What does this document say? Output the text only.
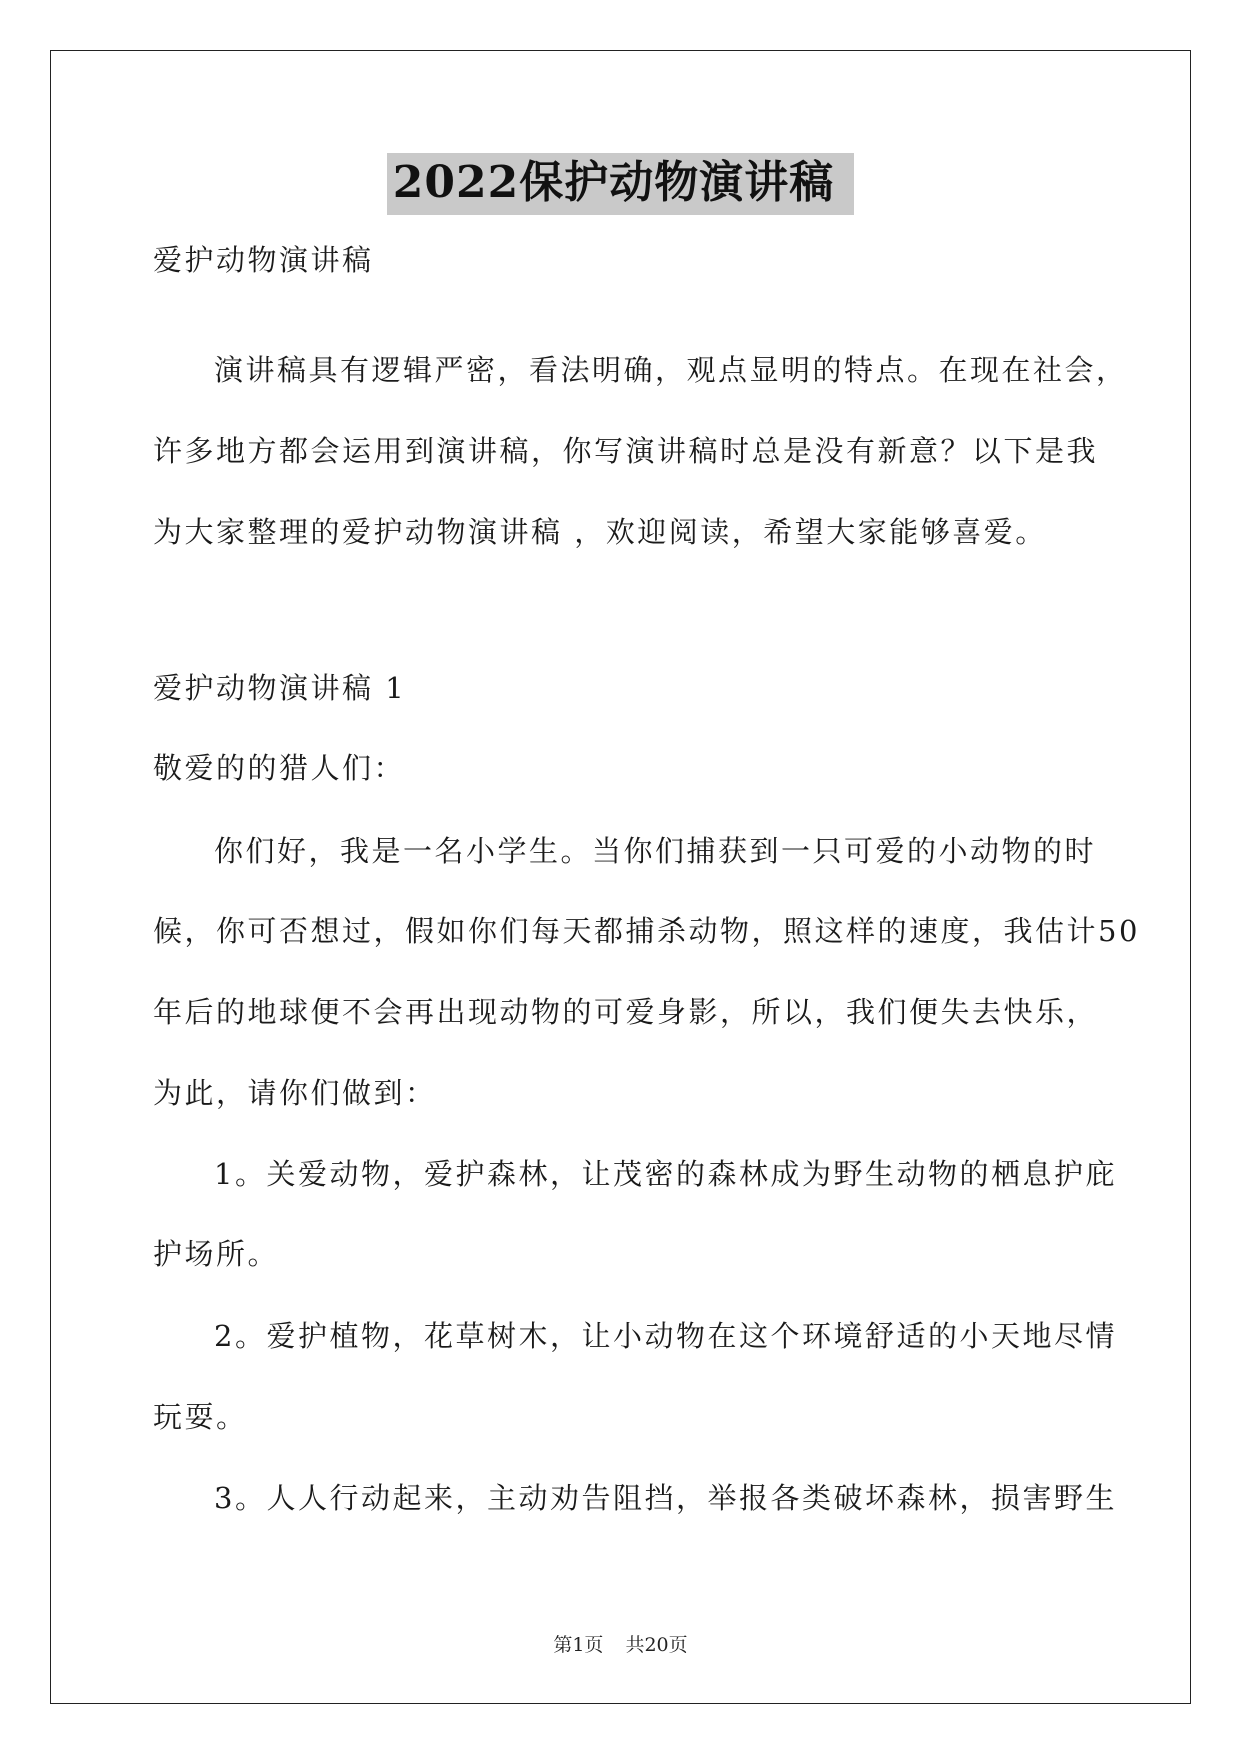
2022保护动物演讲稿
爱护动物演讲稿
演讲稿具有逻辑严密，看法明确，观点显明的特点。在现在社会，
许多地方都会运用到演讲稿，你写演讲稿时总是没有新意？以下是我
为大家整理的爱护动物演讲稿 ，欢迎阅读，希望大家能够喜爱。
爱护动物演讲稿 1
敬爱的的猎人们：
你们好，我是一名小学生。当你们捕获到一只可爱的小动物的时
候，你可否想过，假如你们每天都捕杀动物，照这样的速度，我估计50
年后的地球便不会再出现动物的可爱身影，所以，我们便失去快乐，
为此，请你们做到：
1。关爱动物，爱护森林，让茂密的森林成为野生动物的栖息护庇
护场所。
2。爱护植物，花草树木，让小动物在这个环境舒适的小天地尽情
玩耍。
3。人人行动起来，主动劝告阻挡，举报各类破坏森林，损害野生
第1页 共20页
